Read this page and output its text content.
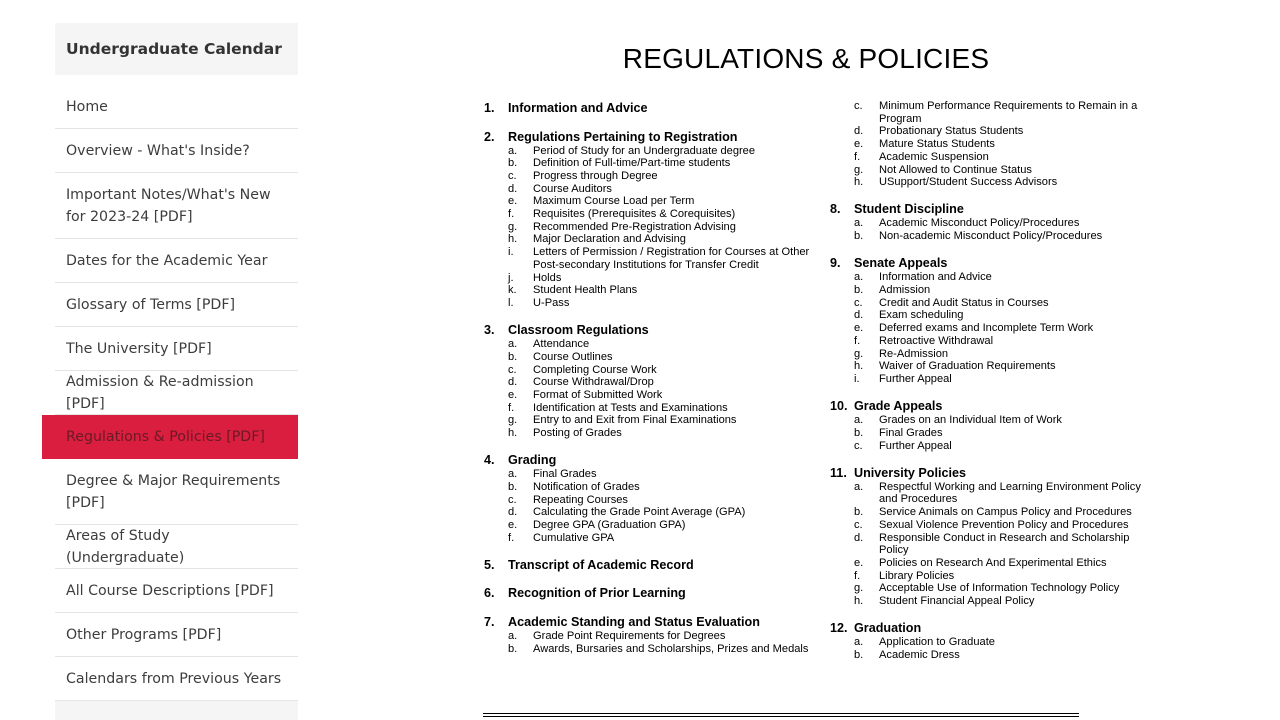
Undergraduate Calendar
Home
Overview - What's Inside?
Important Notes/What's New for 2023-24 [PDF]
Dates for the Academic Year
Glossary of Terms [PDF]
The University [PDF]
Admission & Re-admission [PDF]
Regulations & Policies [PDF]
Degree & Major Requirements [PDF]
Areas of Study (Undergraduate)
All Course Descriptions [PDF]
Other Programs [PDF]
Calendars from Previous Years
REGULATIONS & POLICIES
1.	Information and Advice
2.	Regulations Pertaining to Registration
a.	Period of Study for an Undergraduate degree
b.	Definition of Full-time/Part-time students
c.	Progress through Degree
d.	Course Auditors
e.	Maximum Course Load per Term
f.	Requisites (Prerequisites & Corequisites)
g.	Recommended Pre-Registration Advising
h.	Major Declaration and Advising
i.	Letters of Permission / Registration for Courses at Other Post-secondary Institutions for Transfer Credit
j.	Holds
k.	Student Health Plans
l.	U-Pass
3.	Classroom Regulations
a.	Attendance
b.	Course Outlines
c.	Completing Course Work
d.	Course Withdrawal/Drop
e.	Format of Submitted Work
f.	Identification at Tests and Examinations
g.	Entry to and Exit from Final Examinations
h.	Posting of Grades
4.	Grading
a.	Final Grades
b.	Notification of Grades
c.	Repeating Courses
d.	Calculating the Grade Point Average (GPA)
e.	Degree GPA (Graduation GPA)
f.	Cumulative GPA
5.	Transcript of Academic Record
6.	Recognition of Prior Learning
7.	Academic Standing and Status Evaluation
a.	Grade Point Requirements for Degrees
b.	Awards, Bursaries and Scholarships, Prizes and Medals
c.	Minimum Performance Requirements to Remain in a Program
d.	Probationary Status Students
e.	Mature Status Students
f.	Academic Suspension
g.	Not Allowed to Continue Status
h.	USupport/Student Success Advisors
8.	Student Discipline
a.	Academic Misconduct Policy/Procedures
b.	Non-academic Misconduct Policy/Procedures
9.	Senate Appeals
a.	Information and Advice
b.	Admission
c.	Credit and Audit Status in Courses
d.	Exam scheduling
e.	Deferred exams and Incomplete Term Work
f.	Retroactive Withdrawal
g.	Re-Admission
h.	Waiver of Graduation Requirements
i.	Further Appeal
10. Grade Appeals
a.	Grades on an Individual Item of Work
b.	Final Grades
c.	Further Appeal
11. University Policies
a.	Respectful Working and Learning Environment Policy and Procedures
b.	Service Animals on Campus Policy and Procedures
c.	Sexual Violence Prevention Policy and Procedures
d.	Responsible Conduct in Research and Scholarship Policy
e.	Policies on Research And Experimental Ethics
f.	Library Policies
g.	Acceptable Use of Information Technology Policy
h.	Student Financial Appeal Policy
12. Graduation
a.	Application to Graduate
b.	Academic Dress
